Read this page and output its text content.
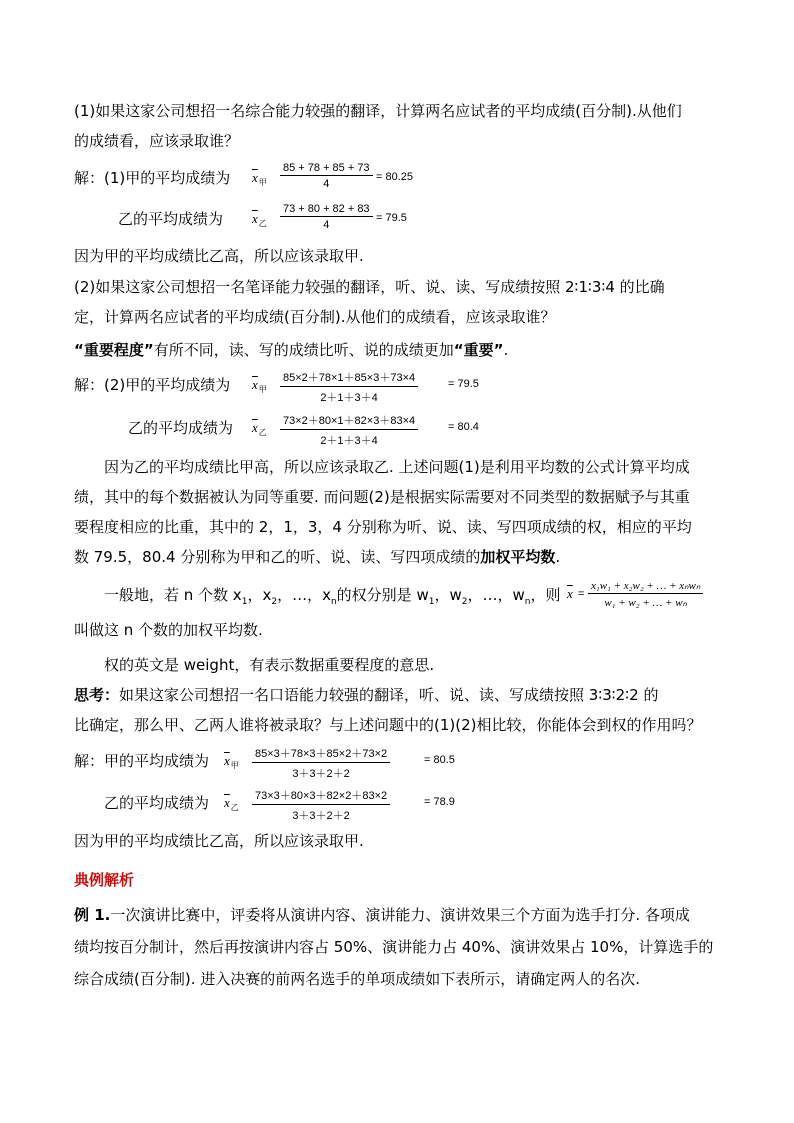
(1)如果这家公司想招一名综合能力较强的翻译，计算两名应试者的平均成绩(百分制).从他们
的成绩看，应该录取谁？
解：(1)甲的平均成绩为 $\overline{x}_甲 \frac{85 + 78 + 85 + 73}{4} = 80.25$
乙的平均成绩为 $\overline{x}_乙 \frac{73 + 80 + 82 + 83}{4} = 79.5$
因为甲的平均成绩比乙高，所以应该录取甲.
(2)如果这家公司想招一名笔译能力较强的翻译，听、说、读、写成绩按照 2∶1∶3∶4 的比确
定，计算两名应试者的平均成绩(百分制).从他们的成绩看，应该录取谁？
“重要程度”有所不同，读、写的成绩比听、说的成绩更加“重要”.
解：(2)甲的平均成绩为 $\overline{x}_甲 \frac{85\times 2+78\times 1+85\times 3+73\times 4}{2+1+3+4}$	= 79.5
乙的平均成绩为 $\overline{x}_乙 \frac{73\times 2+80\times 1+82\times 3+83\times 4}{2+1+3+4}$	= 80.4
因为乙的平均成绩比甲高，所以应该录取乙. 上述问题(1)是利用平均数的公式计算平均成
绩，其中的每个数据被认为同等重要. 而问题(2)是根据实际需要对不同类型的数据赋予与其重
要程度相应的比重，其中的 2，1，3，4 分别称为听、说、读、写四项成绩的权，相应的平均
数 79.5，80.4 分别称为甲和乙的听、说、读、写四项成绩的加权平均数.
一般地，若 n 个数 $x_1$，$x_2$，…，$x_n$的权分别是 $w_1$，$w_2$，…，$w_n$，则 $\overline{x}$ =
x₁w₁ + x₂w₂ + … + xₙwₙ
w₁ + w₂ + … + wₙ
叫做这 n 个数的加权平均数.
权的英文是 weight，有表示数据重要程度的意思.
思考：如果这家公司想招一名口语能力较强的翻译，听、说、读、写成绩按照 3∶3∶2∶2 的
比确定，那么甲、乙两人谁将被录取？与上述问题中的(1)(2)相比较，你能体会到权的作用吗？
解：甲的平均成绩为 $\overline{x}_甲 \frac{85\times 3+78\times 3+85\times 2+73\times 2}{3+3+2+2}$	= 80.5
乙的平均成绩为 $\overline{x}_乙 \frac{73\times 3+80\times 3+82\times 2+83\times 2}{3+3+2+2}$	= 78.9
因为甲的平均成绩比乙高，所以应该录取甲.
典例解析
例 1.一次演讲比赛中，评委将从演讲内容、演讲能力、演讲效果三个方面为选手打分. 各项成
绩均按百分制计，然后再按演讲内容占 50%、演讲能力占 40%、演讲效果占 10%，计算选手的
综合成绩(百分制). 进入决赛的前两名选手的单项成绩如下表所示，请确定两人的名次.
